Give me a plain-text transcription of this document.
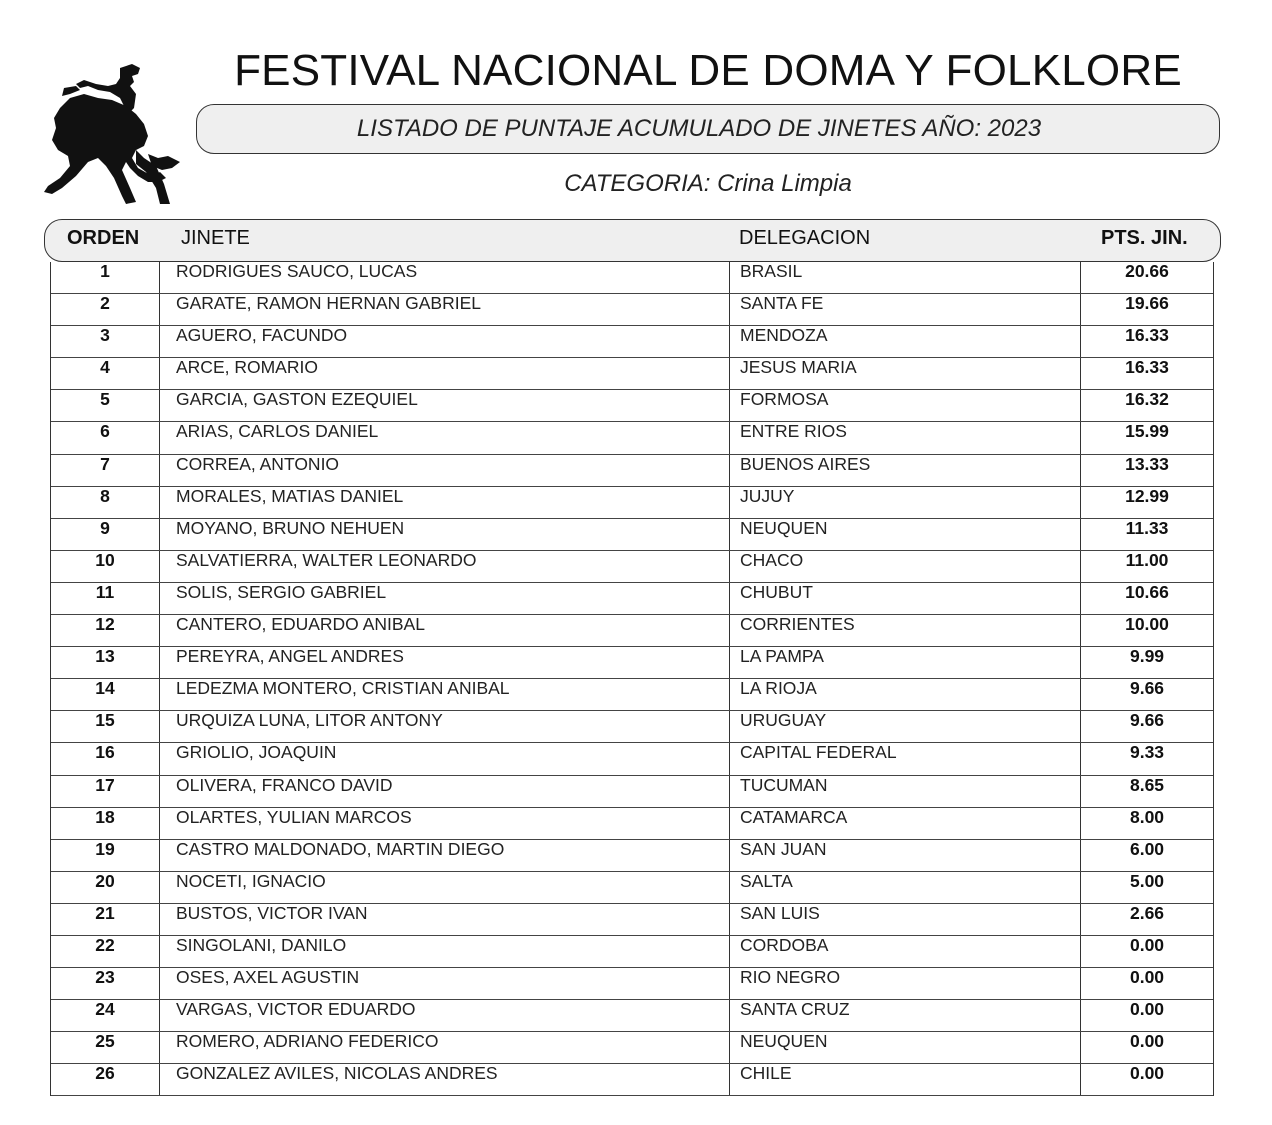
FESTIVAL NACIONAL DE DOMA Y FOLKLORE
LISTADO DE PUNTAJE ACUMULADO DE JINETES AÑO: 2023
CATEGORIA: Crina Limpia
ORDEN JINETE	DELEGACION	PTS. JIN.
1	RODRIGUES SAUCO, LUCAS	BRASIL	20.66
2	GARATE, RAMON HERNAN GABRIEL	SANTA FE	19.66
3	AGUERO, FACUNDO	MENDOZA	16.33
4	ARCE, ROMARIO	JESUS MARIA	16.33
5	GARCIA, GASTON EZEQUIEL	FORMOSA	16.32
6	ARIAS, CARLOS DANIEL	ENTRE RIOS	15.99
7	CORREA, ANTONIO	BUENOS AIRES	13.33
8	MORALES, MATIAS DANIEL	JUJUY	12.99
9	MOYANO, BRUNO NEHUEN	NEUQUEN	11.33
10	SALVATIERRA, WALTER LEONARDO	CHACO	11.00
11	SOLIS, SERGIO GABRIEL	CHUBUT	10.66
12	CANTERO, EDUARDO ANIBAL	CORRIENTES	10.00
13	PEREYRA, ANGEL ANDRES	LA PAMPA	9.99
14	LEDEZMA MONTERO, CRISTIAN ANIBAL	LA RIOJA	9.66
15	URQUIZA LUNA, LITOR ANTONY	URUGUAY	9.66
16	GRIOLIO, JOAQUIN	CAPITAL FEDERAL	9.33
17	OLIVERA, FRANCO DAVID	TUCUMAN	8.65
18	OLARTES, YULIAN MARCOS	CATAMARCA	8.00
19	CASTRO MALDONADO, MARTIN DIEGO	SAN JUAN	6.00
20	NOCETI, IGNACIO	SALTA	5.00
21	BUSTOS, VICTOR IVAN	SAN LUIS	2.66
22	SINGOLANI, DANILO	CORDOBA	0.00
23	OSES, AXEL AGUSTIN	RIO NEGRO	0.00
24	VARGAS, VICTOR EDUARDO	SANTA CRUZ	0.00
25	ROMERO, ADRIANO FEDERICO	NEUQUEN	0.00
26	GONZALEZ AVILES, NICOLAS ANDRES	CHILE	0.00
